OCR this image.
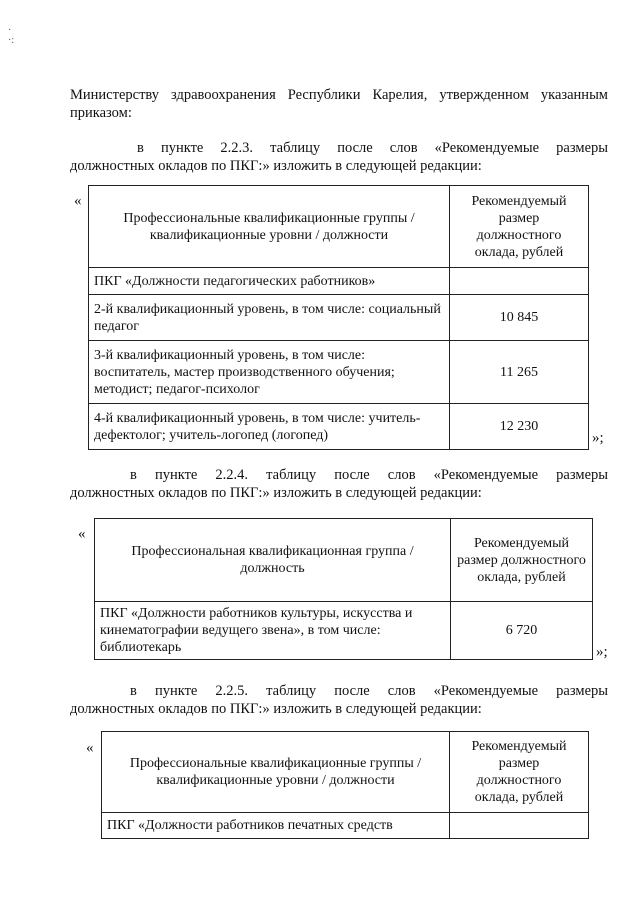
·
·:

Министерству здравоохранения Республики Карелия, утвержденном указанным

приказом:

в пункте 2.2.3. таблицу после слов «Рекомендуемые размеры

должностных окладов по ПКГ:» изложить в следующей редакции:

«
Профессиональные квалификационные группы / квалификационные уровни / должности	Рекомендуемый размер должностного оклада, рублей
ПКГ «Должности педагогических работников»	
2-й квалификационный уровень, в том числе: социальный педагог	10 845
3-й квалификационный уровень, в том числе: воспитатель, мастер производственного обучения; методист; педагог-психолог	11 265
4-й квалификационный уровень, в том числе: учитель-дефектолог; учитель-логопед (логопед)	12 230
»;

в пункте 2.2.4. таблицу после слов «Рекомендуемые размеры

должностных окладов по ПКГ:» изложить в следующей редакции:

«
Профессиональная квалификационная группа / должность	Рекомендуемый размер должностного оклада, рублей
ПКГ «Должности работников культуры, искусства и кинематографии ведущего звена», в том числе: библиотекарь	6 720
»;

в пункте 2.2.5. таблицу после слов «Рекомендуемые размеры

должностных окладов по ПКГ:» изложить в следующей редакции:

«
Профессиональные квалификационные группы / квалификационные уровни / должности	Рекомендуемый размер должностного оклада, рублей
ПКГ «Должности работников печатных средств	
